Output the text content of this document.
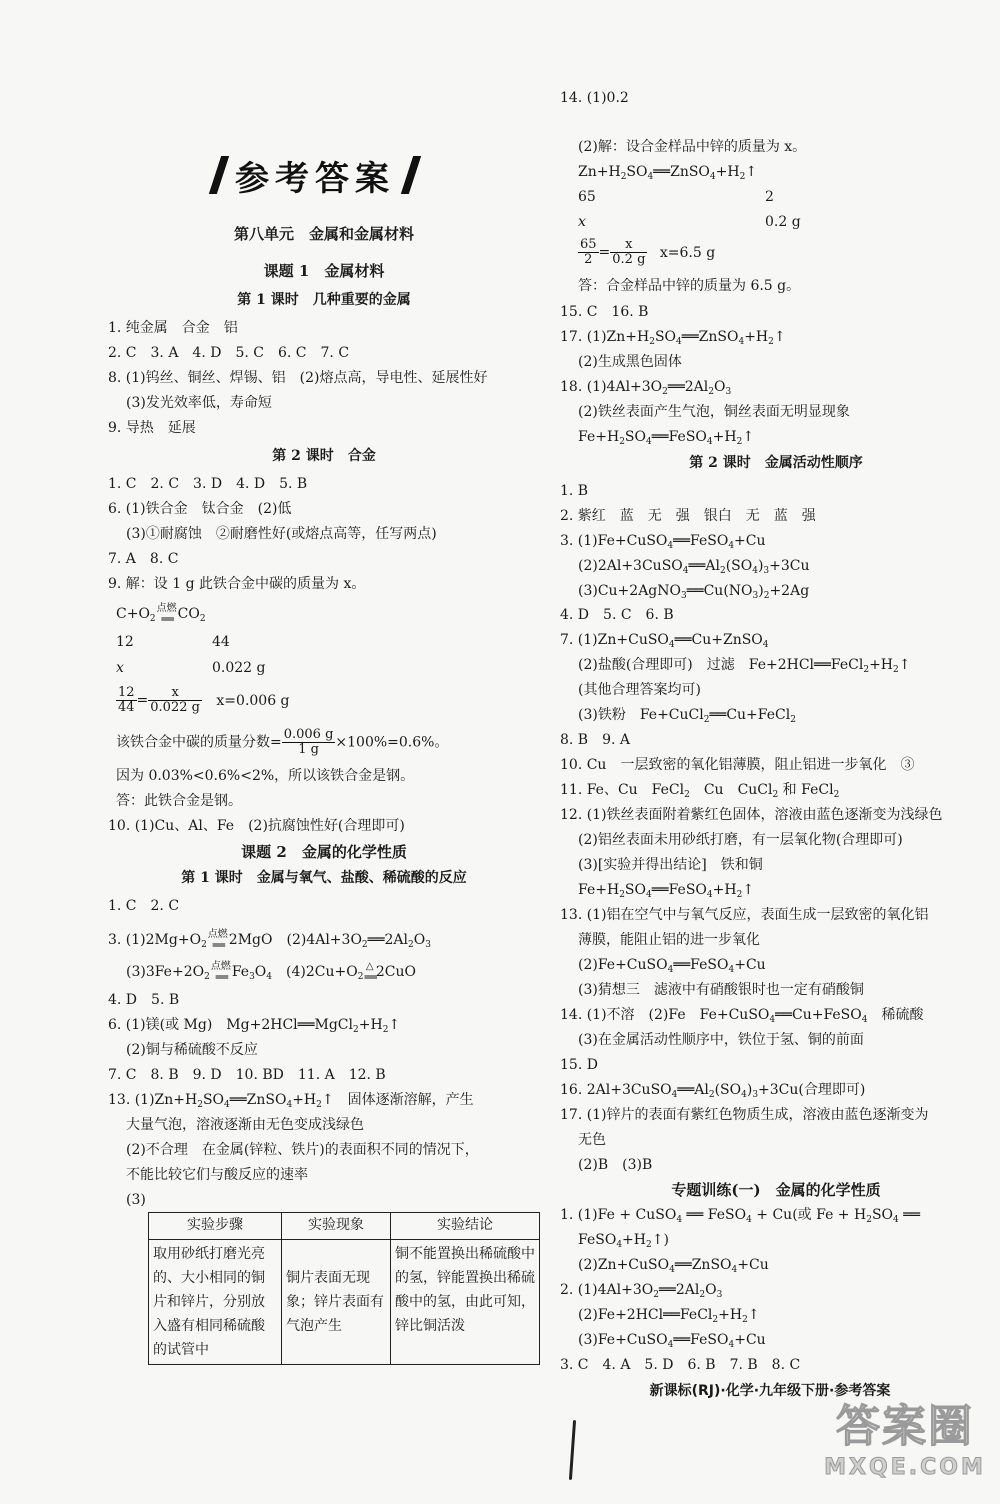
参考答案
第八单元　金属和金属材料
课题 1　金属材料
第 1 课时　几种重要的金属
1. 纯金属　合金　铝
2. C　3. A　4. D　5. C　6. C　7. C
8. (1)钨丝、铜丝、焊锡、铝　(2)熔点高，导电性、延展性好
(3)发光效率低，寿命短
9. 导热　延展
第 2 课时　合金
1. C　2. C　3. D　4. D　5. B
6. (1)铁合金　钛合金　(2)低
(3)①耐腐蚀　②耐磨性好(或熔点高等，任写两点)
7. A　8. C
9. 解：设 1 g 此铁合金中碳的质量为 x。
$C+O_2$
点燃
══ $CO_2$
12	44
x	0.022 g
$\frac{12}{44} = \frac{x}{0.022 g} x=0.006$ g
该铁合金中碳的质量分数= $\frac{0.006 g}{1 g} \times 100\%=0.6\%$。
因为 0.03%<0.6%<2%，所以该铁合金是钢。
答：此铁合金是钢。
10. (1)Cu、Al、Fe　(2)抗腐蚀性好(合理即可)
课题 2　金属的化学性质
第 1 课时　金属与氧气、盐酸、稀硫酸的反应
1. C　2. C
3. $(1)2Mg+O_2$
点燃
══ 2MgO　$(2)4Al+3O_2══2Al_2O_3$
$(3)3Fe+2O_2$
点燃
══ $Fe_3O_4$　$(4)2Cu+O_2$
△
══ 2CuO
4. D　5. B
6. (1)镁(或 Mg)　$Mg+2HCl══MgCl_2+H_2↑$
(2)铜与稀硫酸不反应
7. C　8. B　9. D　10. BD　11. A　12. B
13. $(1)Zn+H_2SO_4══ZnSO_4+H_2↑$　固体逐渐溶解，产生
大量气泡，溶液逐渐由无色变成浅绿色
(2)不合理　在金属(锌粒、铁片)的表面积不同的情况下，
不能比较它们与酸反应的速率
(3)
实验步骤	实验现象	实验结论
取用砂纸打磨光亮的、大小相同的铜片和锌片，分别放入盛有相同稀硫酸的试管中	铜片表面无现象；锌片表面有气泡产生	铜不能置换出稀硫酸中的氢，锌能置换出稀硫酸中的氢，由此可知，锌比铜活泼
14. (1)0.2
(2)解：设合金样品中锌的质量为 x。
$Zn+H_2SO_4══ZnSO_4+H_2↑$
65	2
x	0.2 g
$\frac{65}{2} = \frac{x}{0.2 g} x=6.5$ g
答：合金样品中锌的质量为 6.5 g。
15. C　16. B
17. $(1)Zn+H_2SO_4══ZnSO_4+H_2↑$
(2)生成黑色固体
18. $(1)4Al+3O_2══2Al_2O_3$
(2)铁丝表面产生气泡，铜丝表面无明显现象
$Fe+H_2SO_4══FeSO_4+H_2↑$
第 2 课时　金属活动性顺序
1. B
2. 紫红　蓝　无　强　银白　无　蓝　强
3. (1)Fe+CuSO$_4$══FeSO$_4$+Cu
$(2)2Al+3CuSO_4══Al_2(SO_4)_3+3Cu$
$(3)Cu+2AgNO_3══Cu(NO_3)_2+2Ag$
4. D　5. C　6. B
7. (1)Zn+CuSO$_4$══Cu+ZnSO$_4$
(2)盐酸(合理即可)　过滤　$Fe+2HCl══FeCl_2+H_2↑$
(其他合理答案均可)
(3)铁粉　Fe+CuCl$_2$══Cu+FeCl$_2$
8. B　9. A
10. Cu　一层致密的氧化铝薄膜，阻止铝进一步氧化　③
11. Fe、Cu　FeCl$_2$　Cu　CuCl$_2$ 和 FeCl$_2$
12. (1)铁丝表面附着紫红色固体，溶液由蓝色逐渐变为浅绿色
(2)铝丝表面未用砂纸打磨，有一层氧化物(合理即可)
(3)[实验并得出结论]　铁和铜
$Fe+H_2SO_4══FeSO_4+H_2↑$
13. (1)铝在空气中与氧气反应，表面生成一层致密的氧化铝
薄膜，能阻止铝的进一步氧化
(2)Fe+CuSO$_4$══FeSO$_4$+Cu
(3)猜想三　滤液中有硝酸银时也一定有硝酸铜
14. (1)不溶　(2)Fe　Fe+CuSO$_4$══Cu+FeSO$_4$　 稀硫酸
(3)在金属活动性顺序中，铁位于氢、铜的前面
15. D
16. $2Al+3CuSO_4══Al_2(SO_4)_3+3Cu$(合理即可)
17. (1)锌片的表面有紫红色物质生成，溶液由蓝色逐渐变为
无色
(2)B　(3)B
专题训练(一)　金属的化学性质
1. (1)Fe + CuSO$_4$ ══ FeSO$_4$ + Cu(或 $Fe + H_2SO_4$ ══
$FeSO_4+H_2↑$)
(2)Zn+CuSO$_4$══ZnSO$_4$+Cu
2. $(1)4Al+3O_2══2Al_2O_3$
$(2)Fe+2HCl══FeCl_2+H_2↑$
(3)Fe+CuSO$_4$══FeSO$_4$+Cu
3. C　4. A　5. D　6. B　7. B　8. C
新课标(RJ)·化学·九年级下册·参考答案
答案圈
MXQE.COM
